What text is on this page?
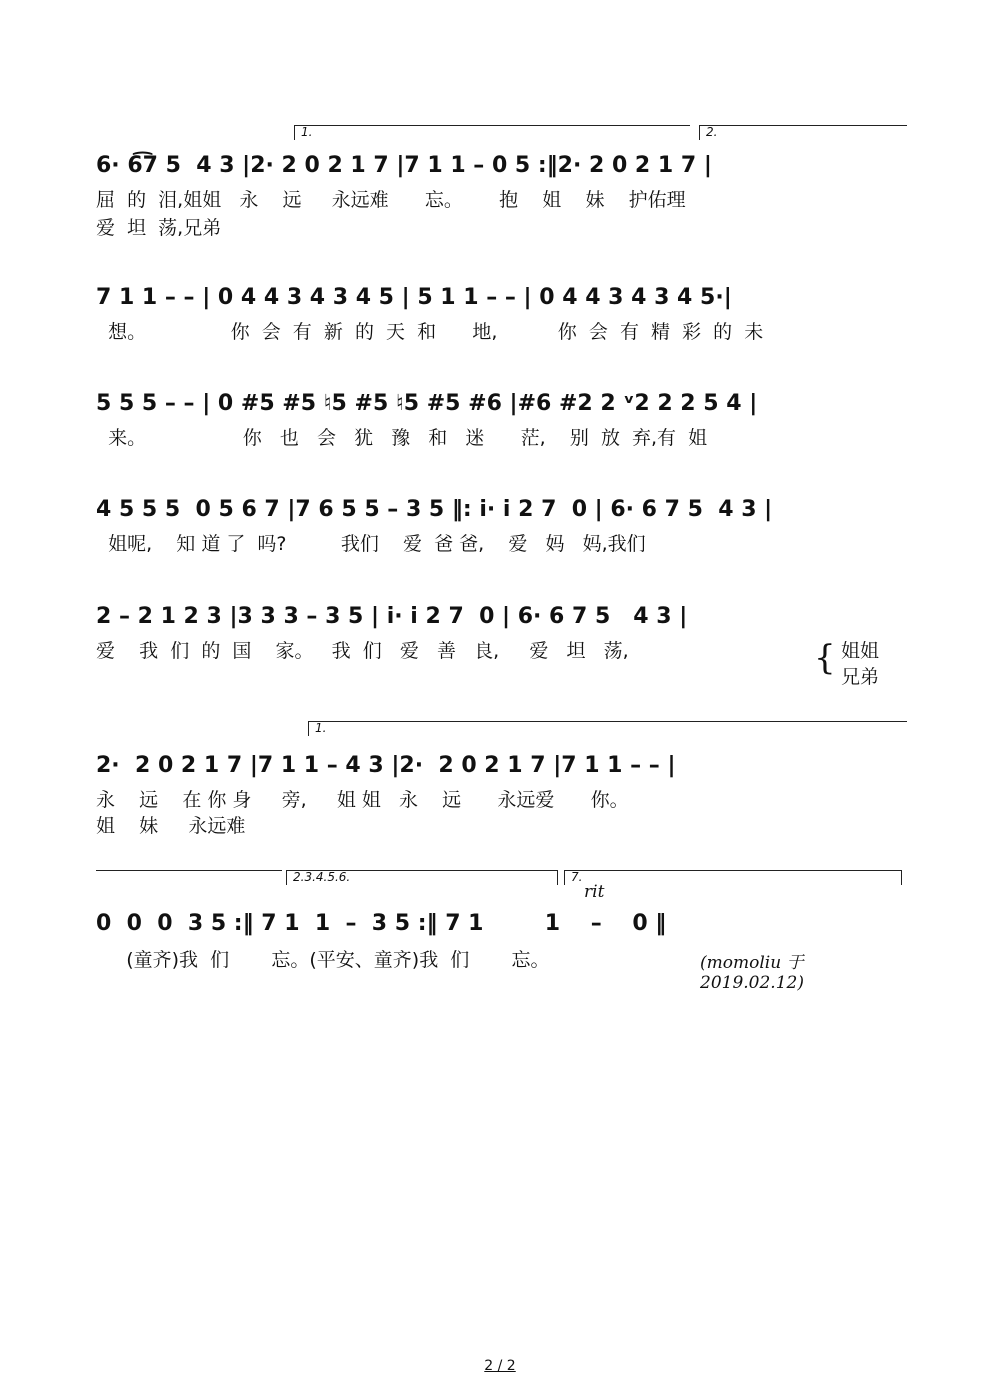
1.	2.
6· 6͡7 5  4 3 |2· 2 0 2 1 7 |7 1 1 – 0 5 :‖2· 2 0 2 1 7 |
屈  的  泪,姐姐   永    远     永远难      忘。      抱    姐    妹    护佑理
爱  坦  荡,兄弟
7 1 1 – – | 0 4 4 3 4 3 4 5 | 5 1 1 – – | 0 4 4 3 4 3 4 5·|
想。              你  会  有  新  的  天  和      地,          你  会  有  精  彩  的  未
5 5 5 – – | 0 #5 #5 ♮5 #5 ♮5 #5 #6 |#6 #2 2 ᵛ2 2 2 5 4 |
来。                你   也   会   犹   豫   和   迷      茫,    别  放  弃,有  姐
4 5 5 5  0 5 6 7 |7 6 5 5 – 3 5 ‖: i· i 2 7  0 | 6· 6 7 5  4 3 |
姐呢,    知 道 了  吗?         我们    爱  爸 爸,    爱   妈   妈,我们
2 – 2 1 2 3 |3 3 3 – 3 5 | i· i 2 7  0 | 6· 6 7 5   4 3 |
爱    我  们  的  国    家。   我  们   爱   善   良,     爱   坦   荡,	{ 姐姐
兄弟
1.
2·  2 0 2 1 7 |7 1 1 – 4 3 |2·  2 0 2 1 7 |7 1 1 – – |
永    远    在 你 身     旁,     姐 姐   永    远      永远爱      你。
姐    妹     永远难
2.3.4.5.6.	7.
rit
0  0  0  3 5 :‖ 7 1  1  –  3 5 :‖ 7 1        1    –    0 ‖
(童齐)我  们       忘。(平安、童齐)我  们       忘。	(momoliu 于2019.02.12)
2 / 2
